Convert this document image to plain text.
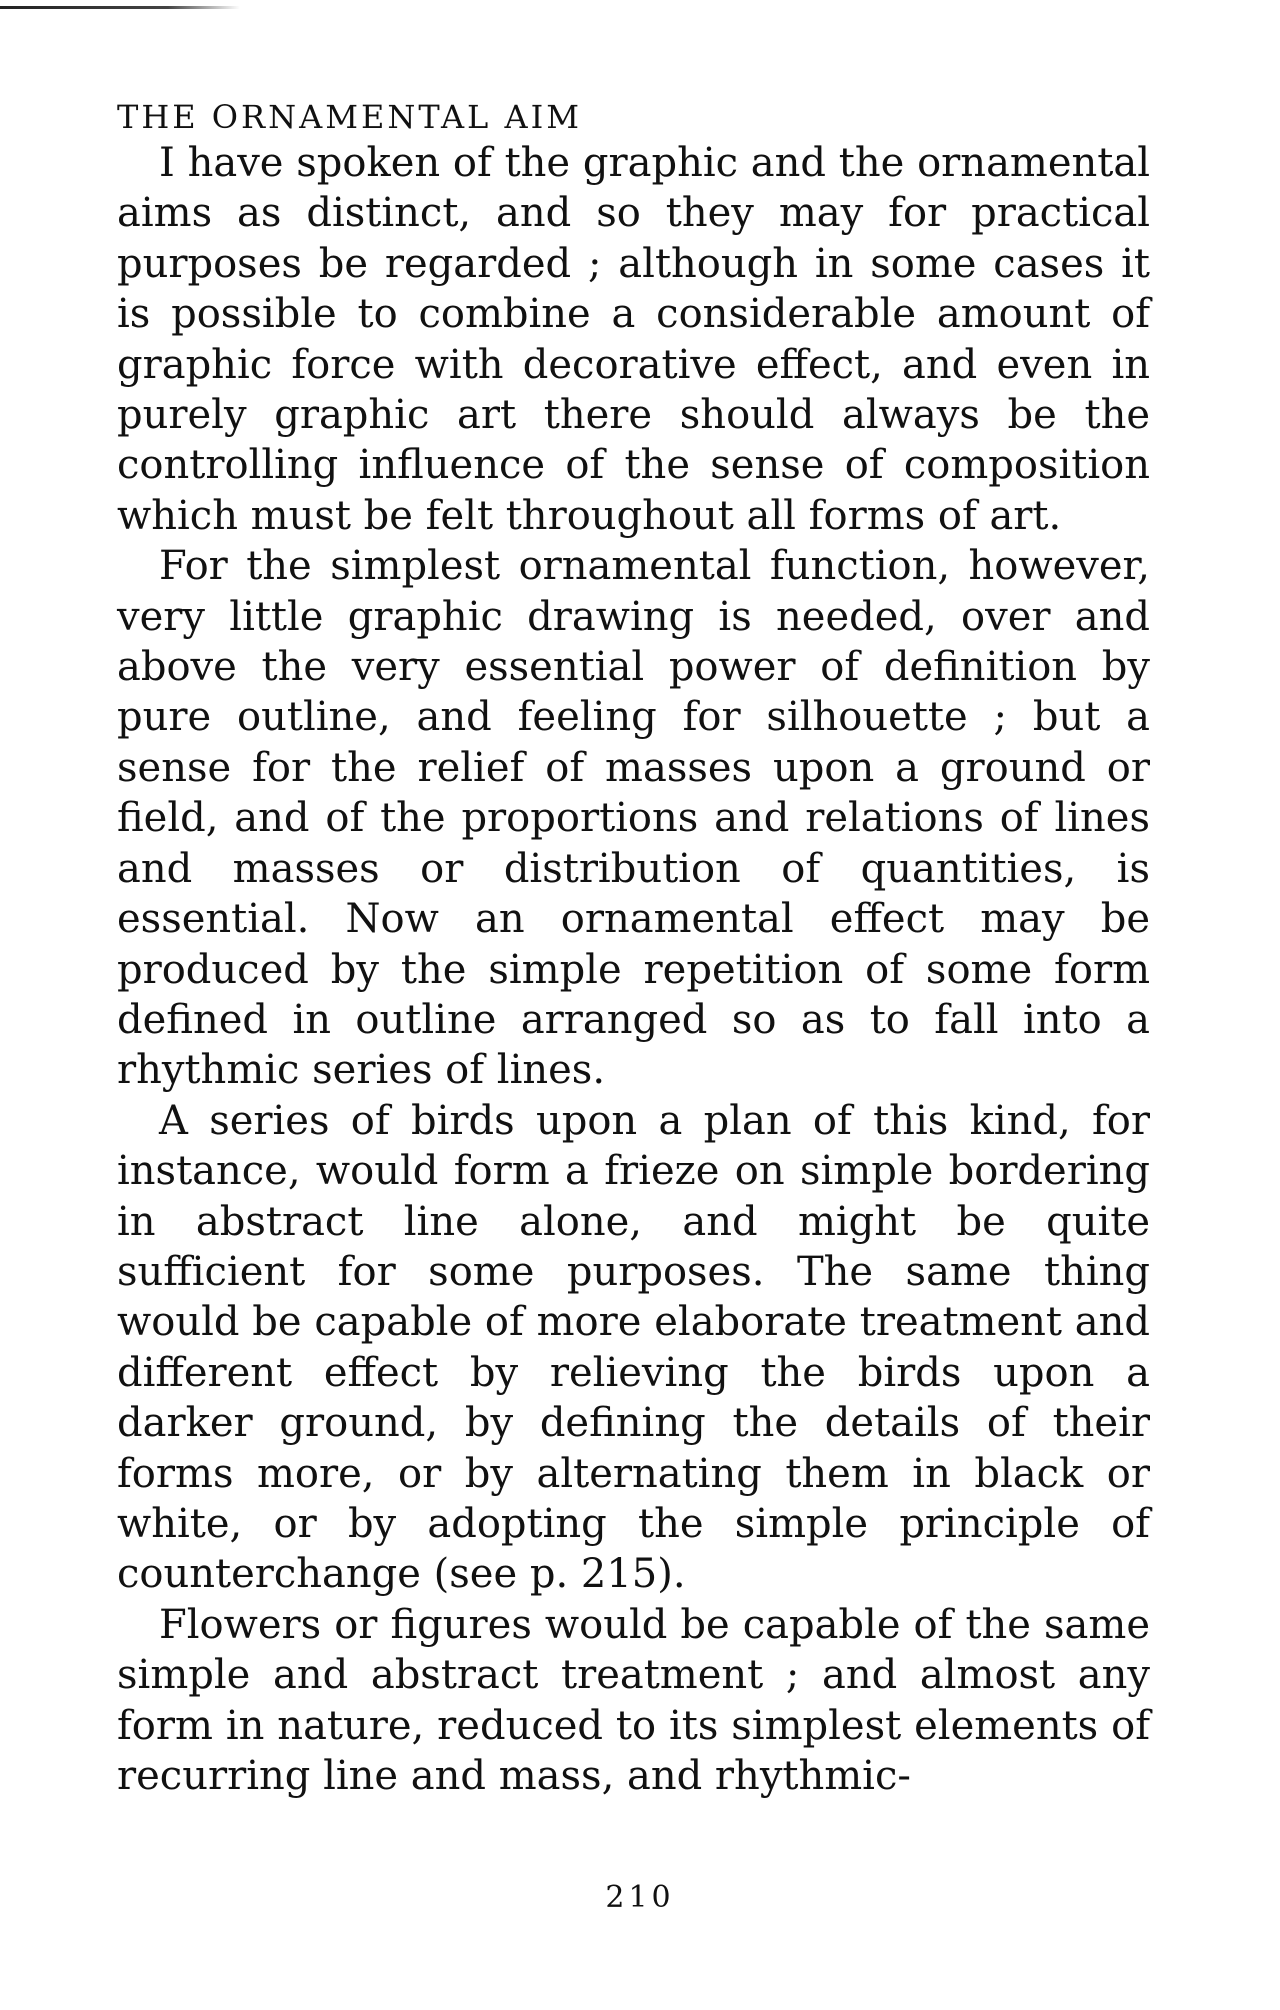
THE ORNAMENTAL AIM

I have spoken of the graphic and the ornamental aims as distinct, and so they may for practical purposes be regarded ; although in some cases it is possible to combine a considerable amount of graphic force with decorative effect, and even in purely graphic art there should always be the controlling influence of the sense of composition which must be felt throughout all forms of art.

For the simplest ornamental function, however, very little graphic drawing is needed, over and above the very essential power of definition by pure outline, and feeling for silhouette ; but a sense for the relief of masses upon a ground or field, and of the proportions and relations of lines and masses or distribution of quantities, is essential. Now an ornamental effect may be produced by the simple repetition of some form defined in outline arranged so as to fall into a rhythmic series of lines.

A series of birds upon a plan of this kind, for instance, would form a frieze on simple bordering in abstract line alone, and might be quite sufficient for some purposes. The same thing would be capable of more elaborate treatment and different effect by relieving the birds upon a darker ground, by defining the details of their forms more, or by alternating them in black or white, or by adopting the simple principle of counterchange (see p. 215).

Flowers or figures would be capable of the same simple and abstract treatment ; and almost any form in nature, reduced to its simplest elements of recurring line and mass, and rhythmic-

210
